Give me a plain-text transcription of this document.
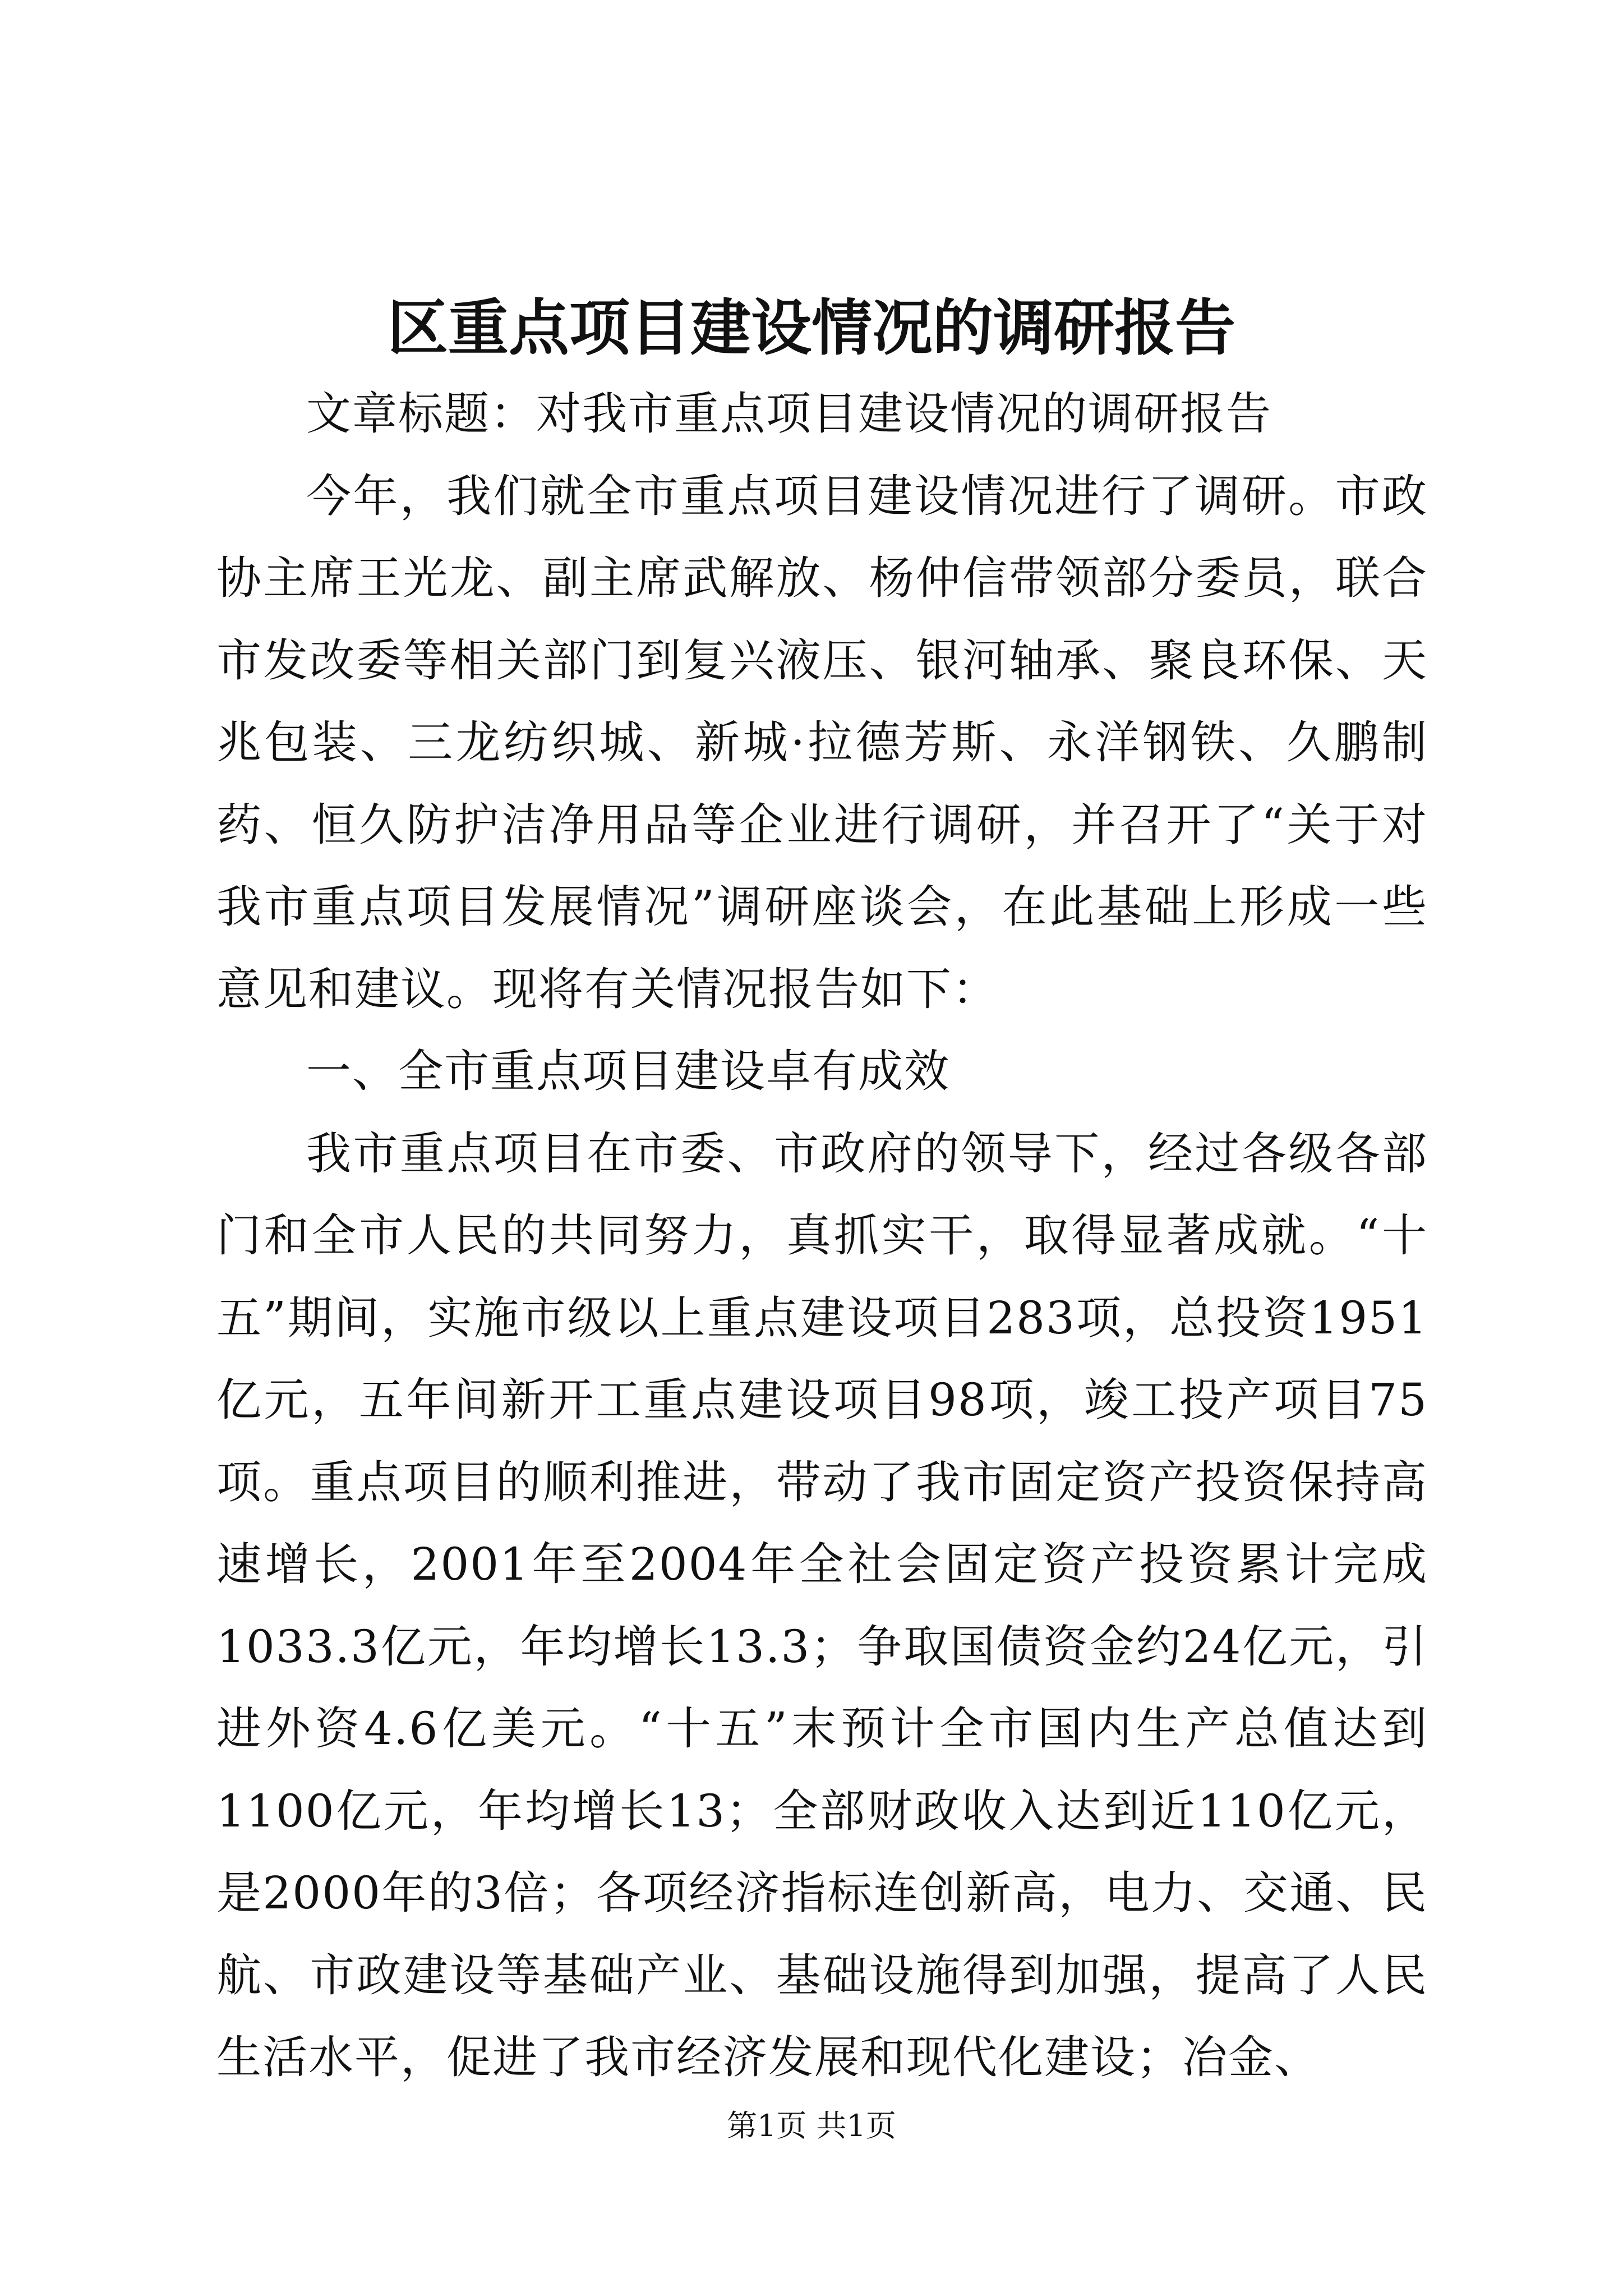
区重点项目建设情况的调研报告

文章标题：对我市重点项目建设情况的调研报告

今年，我们就全市重点项目建设情况进行了调研。市政协主席王光龙、副主席武解放、杨仲信带领部分委员，联合市发改委等相关部门到复兴液压、银河轴承、聚良环保、天兆包装、三龙纺织城、新城·拉德芳斯、永洋钢铁、久鹏制药、恒久防护洁净用品等企业进行调研，并召开了“关于对我市重点项目发展情况”调研座谈会，在此基础上形成一些意见和建议。现将有关情况报告如下：

一、全市重点项目建设卓有成效

我市重点项目在市委、市政府的领导下，经过各级各部门和全市人民的共同努力，真抓实干，取得显著成就。“十五”期间，实施市级以上重点建设项目283项，总投资1951亿元，五年间新开工重点建设项目98项，竣工投产项目75项。重点项目的顺利推进，带动了我市固定资产投资保持高速增长，2001年至2004年全社会固定资产投资累计完成1033.3亿元，年均增长13.3；争取国债资金约24亿元，引进外资4.6亿美元。“十五”末预计全市国内生产总值达到1100亿元，年均增长13；全部财政收入达到近110亿元，是2000年的3倍；各项经济指标连创新高，电力、交通、民航、市政建设等基础产业、基础设施得到加强，提高了人民生活水平，促进了我市经济发展和现代化建设；冶金、

第1页 共1页
